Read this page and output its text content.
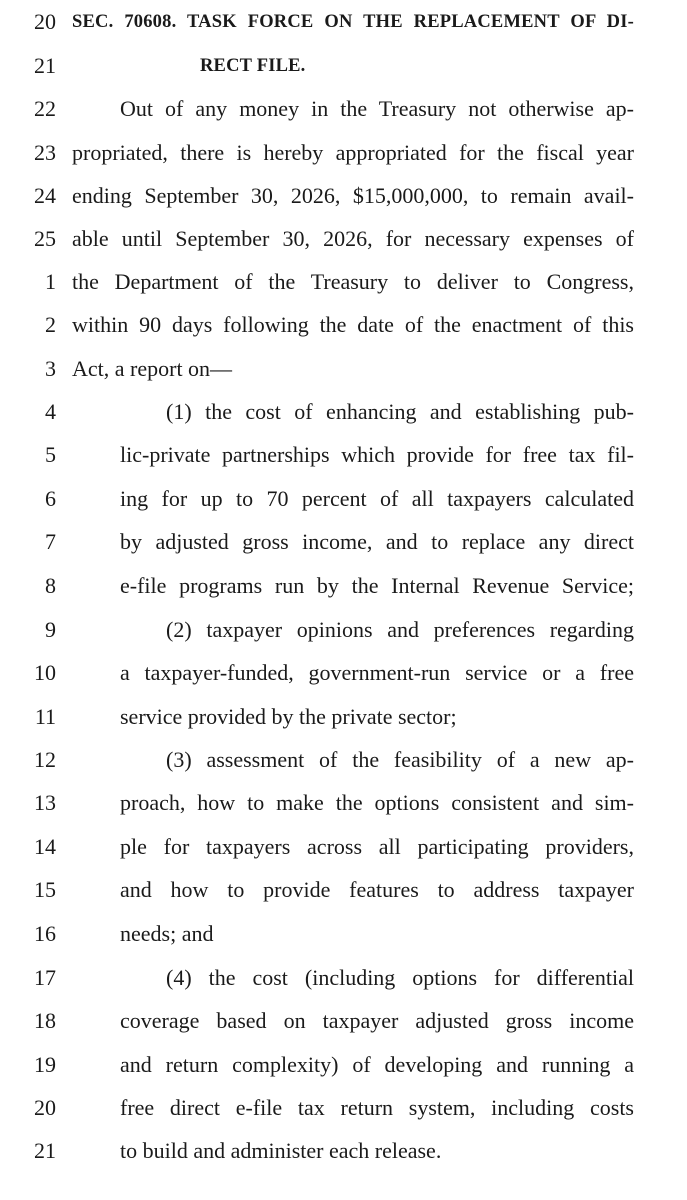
20 SEC. 70608. TASK FORCE ON THE REPLACEMENT OF DI-
21	RECT FILE.
22	Out of any money in the Treasury not otherwise ap-
23 propriated, there is hereby appropriated for the fiscal year
24 ending September 30, 2026, $15,000,000, to remain avail-
25 able until September 30, 2026, for necessary expenses of
1 the Department of the Treasury to deliver to Congress,
2 within 90 days following the date of the enactment of this
3 Act, a report on—
4	(1) the cost of enhancing and establishing pub-
5	lic-private partnerships which provide for free tax fil-
6	ing for up to 70 percent of all taxpayers calculated
7	by adjusted gross income, and to replace any direct
8	e-file programs run by the Internal Revenue Service;
9	(2) taxpayer opinions and preferences regarding
10	a taxpayer-funded, government-run service or a free
11	service provided by the private sector;
12	(3) assessment of the feasibility of a new ap-
13	proach, how to make the options consistent and sim-
14	ple for taxpayers across all participating providers,
15	and how to provide features to address taxpayer
16	needs; and
17	(4) the cost (including options for differential
18	coverage based on taxpayer adjusted gross income
19	and return complexity) of developing and running a
20	free direct e-file tax return system, including costs
21	to build and administer each release.
